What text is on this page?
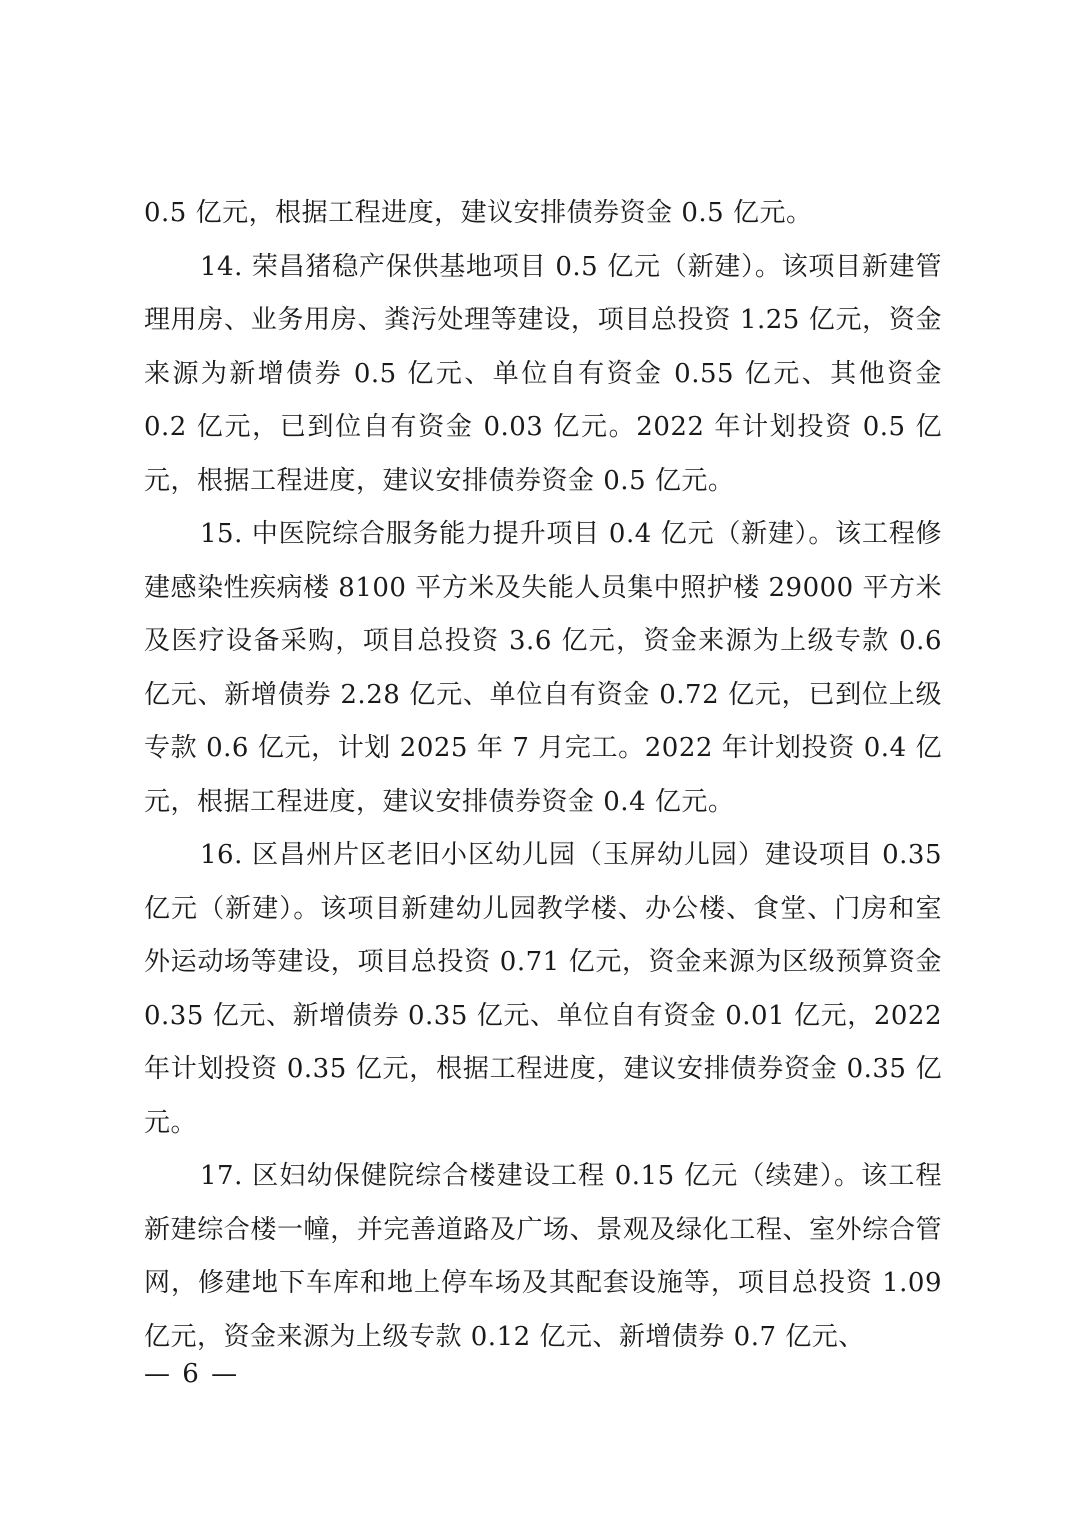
0.5 亿元，根据工程进度，建议安排债券资金 0.5 亿元。

14. 荣昌猪稳产保供基地项目 0.5 亿元（新建）。该项目新建管理用房、业务用房、粪污处理等建设，项目总投资 1.25 亿元，资金来源为新增债券 0.5 亿元、单位自有资金 0.55 亿元、其他资金 0.2 亿元，已到位自有资金 0.03 亿元。2022 年计划投资 0.5 亿元，根据工程进度，建议安排债券资金 0.5 亿元。

15. 中医院综合服务能力提升项目 0.4 亿元（新建）。该工程修建感染性疾病楼 8100 平方米及失能人员集中照护楼 29000 平方米及医疗设备采购，项目总投资 3.6 亿元，资金来源为上级专款 0.6 亿元、新增债券 2.28 亿元、单位自有资金 0.72 亿元，已到位上级专款 0.6 亿元，计划 2025 年 7 月完工。2022 年计划投资 0.4 亿元，根据工程进度，建议安排债券资金 0.4 亿元。

16. 区昌州片区老旧小区幼儿园（玉屏幼儿园）建设项目 0.35 亿元（新建）。该项目新建幼儿园教学楼、办公楼、食堂、门房和室外运动场等建设，项目总投资 0.71 亿元，资金来源为区级预算资金 0.35 亿元、新增债券 0.35 亿元、单位自有资金 0.01 亿元，2022 年计划投资 0.35 亿元，根据工程进度，建议安排债券资金 0.35 亿元。

17. 区妇幼保健院综合楼建设工程 0.15 亿元（续建）。该工程新建综合楼一幢，并完善道路及广场、景观及绿化工程、室外综合管网，修建地下车库和地上停车场及其配套设施等，项目总投资 1.09 亿元，资金来源为上级专款 0.12 亿元、新增债券 0.7 亿元、

— 6 —
